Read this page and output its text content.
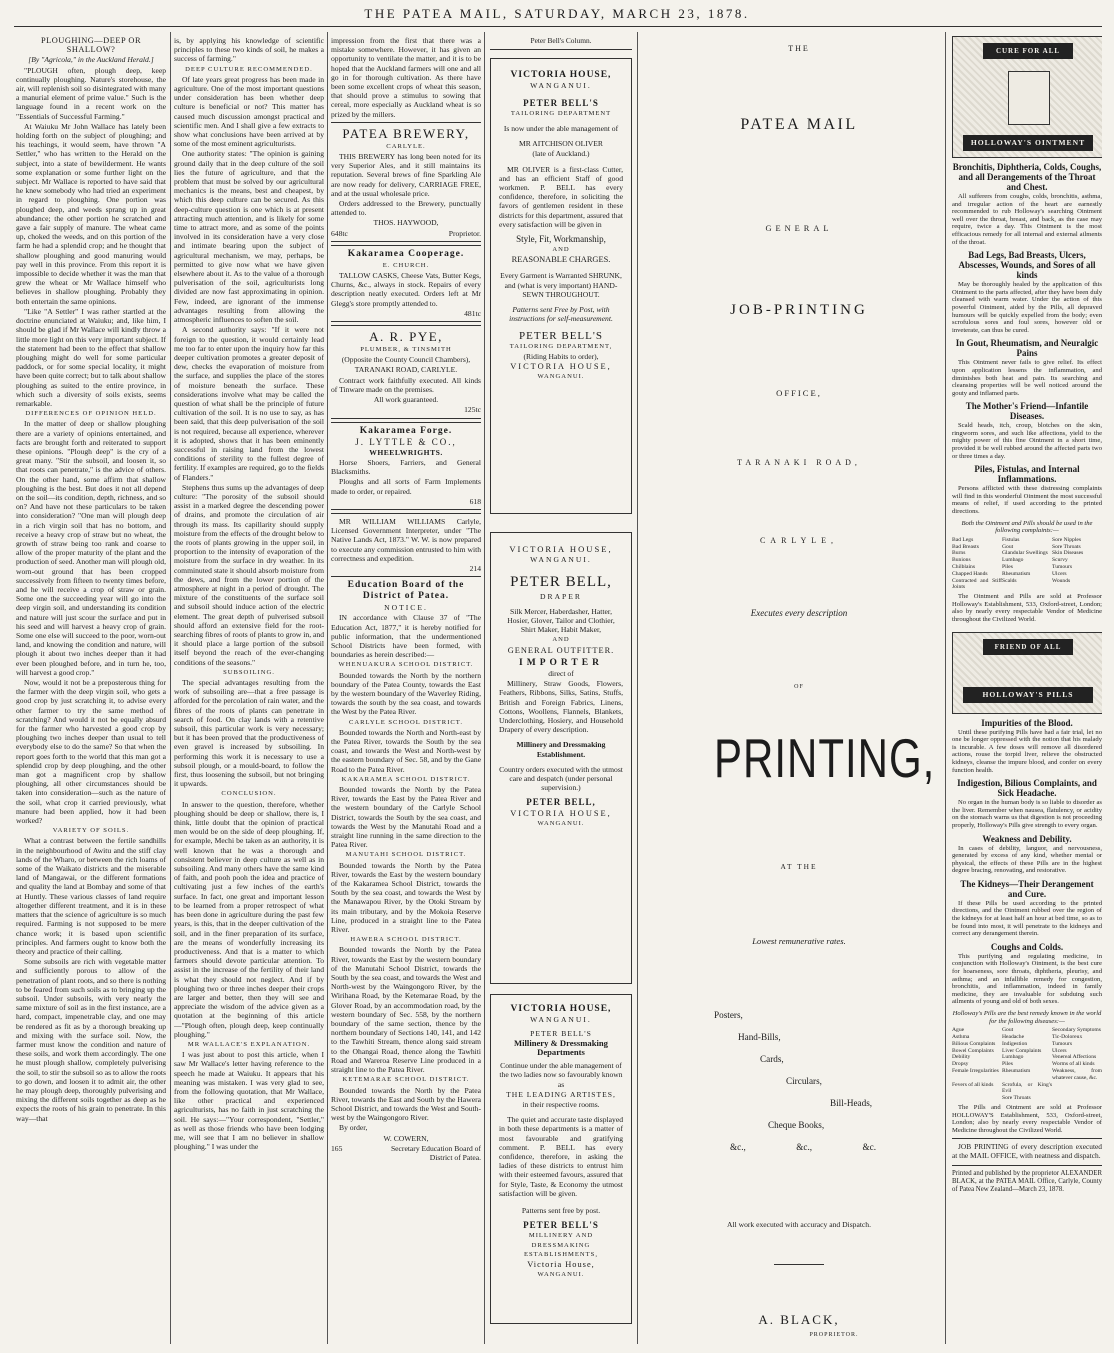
THE PATEA MAIL, SATURDAY, MARCH 23, 1878.

PLOUGHING—DEEP OR SHALLOW?

[By "Agricola," in the Auckland Herald.]

"PLOUGH often, plough deep, keep continually ploughing. Nature's storehouse, the air, will replenish soil so disintegrated with many a manurial element of prime value." Such is the language found in a recent work on the "Essentials of Successful Farming."

At Waiuku Mr John Wallace has lately been holding forth on the subject of ploughing; and his teachings, it would seem, have thrown "A Settler," who has written to the Herald on the subject, into a state of bewilderment. He wants some explanation or some further light on the subject. Mr Wallace is reported to have said that he knew somebody who had tried an experiment in regard to ploughing. One portion was ploughed deep, and weeds sprang up in great abundance; the other portion he scratched and gave a fair supply of manure. The wheat came up, choked the weeds, and on this portion of the farm he had a splendid crop; and he thought that shallow ploughing and good manuring would pay well in this province. From this report it is impossible to decide whether it was the man that grew the wheat or Mr Wallace himself who believes in shallow ploughing. Probably they both entertain the same opinions.

"Like "A Settler" I was rather startled at the doctrine enunciated at Waiuku; and, like him, I should be glad if Mr Wallace will kindly throw a little more light on this very important subject. If the statement had been to the effect that shallow ploughing might do well for some particular paddock, or for some special locality, it might have been quite correct; but to talk about shallow ploughing as suited to the entire province, in which such a diversity of soils exists, seems remarkable.

DIFFERENCES OF OPINION HELD.

In the matter of deep or shallow ploughing there are a variety of opinions entertained, and facts are brought forth and reiterated to support these opinions. "Plough deep" is the cry of a great many. "Stir the subsoil, and loosen it, so that roots can penetrate," is the advice of others. On the other hand, some affirm that shallow ploughing is the best. But does it not all depend on the soil—its condition, depth, richness, and so on? And have not these particulars to be taken into consideration? "One man will plough deep in a rich virgin soil that has no bottom, and receive a heavy crop of straw but no wheat, the growth of straw being too rank and coarse to allow of the proper maturity of the plant and the production of seed. Another man will plough old, worn-out ground that has been cropped successively from fifteen to twenty times before, and he will receive a crop of straw or grain. Some one the succeeding year will go into the deep virgin soil, and understanding its condition and nature will just scour the surface and put in his seed and will harvest a heavy crop of grain. Some one else will succeed to the poor, worn-out land, and knowing the condition and nature, will plough it about two inches deeper than it had ever been ploughed before, and in turn he, too, will harvest a good crop."

Now, would it not be a preposterous thing for the farmer with the deep virgin soil, who gets a good crop by just scratching it, to advise every other farmer to try the same method of scratching? And would it not be equally absurd for the farmer who harvested a good crop by ploughing two inches deeper than usual to tell everybody else to do the same? So that when the report goes forth to the world that this man got a splendid crop by deep ploughing, and the other man got a magnificent crop by shallow ploughing, all other circumstances should be taken into consideration—such as the nature of the soil, what crop it carried previously, what manure had been applied, how it had been worked?

VARIETY OF SOILS.

What a contrast between the fertile sandhills in the neighbourhood of Awitu and the stiff clay lands of the Wharo, or between the rich loams of some of the Waikato districts and the miserable land of Mangawai, or the different formations and quality the land at Bombay and some of that at Huntly. These various classes of land require altogether different treatment, and it is in these matters that the science of agriculture is so much required. Farming is not supposed to be mere chance work; it is based upon scientific principles. And farmers ought to know both the theory and practice of their calling.

Some subsoils are rich with vegetable matter and sufficiently porous to allow of the penetration of plant roots, and so there is nothing to be feared from such soils as to bringing up the subsoil. Under subsoils, with very nearly the same mixture of soil as in the first instance, are a hard, compact, impenetrable clay, and one may be rendered as fit as by a thorough breaking up and mixing with the surface soil. Now, the farmer must know the condition and nature of these soils, and work them accordingly. The one he must plough shallow, completely pulverising the soil, to stir the subsoil so as to allow the roots to go down, and loosen it to admit air, the other he may plough deep, thoroughly pulverising and mixing the different soils together as deep as he expects the roots of his grain to penetrate. In this way—that

is, by applying his knowledge of scientific principles to these two kinds of soil, he makes a success of farming."

DEEP CULTURE RECOMMENDED.

Of late years great progress has been made in agriculture. One of the most important questions under consideration has been whether deep culture is beneficial or not? This matter has caused much discussion amongst practical and scientific men. And I shall give a few extracts to show what conclusions have been arrived at by some of the most eminent agriculturists.

One authority states: "The opinion is gaining ground daily that in the deep culture of the soil lies the future of agriculture, and that the problem that must be solved by our agricultural mechanics is the means, best and cheapest, by which this deep culture can be secured. As this deep-culture question is one which is at present attracting much attention, and is likely for some time to attract more, and as some of the points involved in its consideration have a very close and intimate bearing upon the subject of agricultural mechanism, we may, perhaps, be permitted to give now what we have given elsewhere about it. As to the value of a thorough pulverisation of the soil, agriculturists long divided are now fast approximating in opinion. Few, indeed, are ignorant of the immense advantages resulting from allowing the atmospheric influences to soften the soil.

A second authority says: "If it were not foreign to the question, it would certainly lead me too far to enter upon the inquiry how far this deeper cultivation promotes a greater deposit of dew, checks the evaporation of moisture from the surface, and supplies the place of the stores of moisture beneath the surface. These considerations involve what may be called the question of what shall be the principle of future cultivation of the soil. It is no use to say, as has been said, that this deep pulverisation of the soil is not required, because all experience, wherever it is adopted, shows that it has been eminently successful in raising land from the lowest conditions of sterility to the fullest degree of fertility. If examples are required, go to the fields of Flanders."

Stephens thus sums up the advantages of deep culture: "The porosity of the subsoil should assist in a marked degree the descending power of drains, and promote the circulation of air through its mass. Its capillarity should supply moisture from the effects of the drought below to the roots of plants growing in the upper soil, in proportion to the intensity of evaporation of the moisture from the surface in dry weather. In its comminuted state it should absorb moisture from the dews, and from the lower portion of the atmosphere at night in a period of drought. The mixture of the constituents of the surface soil and subsoil should induce action of the electric element. The great depth of pulverised subsoil should afford an extensive field for the root-searching fibres of roots of plants to grow in, and it should place a large portion of the subsoil itself beyond the reach of the ever-changing conditions of the seasons."

SUBSOILING.

The special advantages resulting from the work of subsoiling are—that a free passage is afforded for the percolation of rain water, and the fibres of the roots of plants can penetrate in search of food. On clay lands with a retentive subsoil, this particular work is very necessary; but it has been proved that the productiveness of even gravel is increased by subsoiling. In performing this work it is necessary to use a subsoil plough, or a mould-board, to follow the first, thus loosening the subsoil, but not bringing it upwards.

CONCLUSION.

In answer to the question, therefore, whether ploughing should be deep or shallow, there is, I think, little doubt that the opinion of practical men would be on the side of deep ploughing. If, for example, Mechi be taken as an authority, it is well known that he was a thorough and consistent believer in deep culture as well as in subsoiling. And many others have the same kind of faith, and pooh pooh the idea and practice of cultivating just a few inches of the earth's surface. In fact, one great and important lesson to be learned from a proper retrospect of what has been done in agriculture during the past few years, is this, that in the deeper cultivation of the soil, and in the finer preparation of its surface, are the means of wonderfully increasing its productiveness. And that is a matter to which farmers should devote particular attention. To assist in the increase of the fertility of their land is what they should not neglect. And if by ploughing two or three inches deeper their crops are larger and better, then they will see and appreciate the wisdom of the advice given as a quotation at the beginning of this article—"Plough often, plough deep, keep continually ploughing."

MR WALLACE'S EXPLANATION.

I was just about to post this article, when I saw Mr Wallace's letter having reference to the speech he made at Waiuku. It appears that his meaning was mistaken. I was very glad to see, from the following quotation, that Mr Wallace, like other practical and experienced agriculturists, has no faith in just scratching the soil. He says:—"Your correspondent, "Settler," as well as those friends who have been lodging me, will see that I am no believer in shallow ploughing." I was under the

impression from the first that there was a mistake somewhere. However, it has given an opportunity to ventilate the matter, and it is to be hoped that the Auckland farmers will one and all go in for thorough cultivation. As there have been some excellent crops of wheat this season, that should prove a stimulus to sowing that cereal, more especially as Auckland wheat is so prized by the millers.

PATEA BREWERY,

CARLYLE.

THIS BREWERY has long been noted for its very Superior Ales, and it still maintains its reputation. Several brews of fine Sparkling Ale are now ready for delivery, CARRIAGE FREE, and at the usual wholesale price.

Orders addressed to the Brewery, punctually attended to.

THOS. HAYWOOD,

648tc	Proprietor.

Kakaramea Cooperage.

E. CHURCH.

TALLOW CASKS, Cheese Vats, Butter Kegs, Churns, &c., always in stock. Repairs of every description neatly executed. Orders left at Mr Glegg's store promptly attended to.

481tc

A. R. PYE,

PLUMBER, & TINSMITH

(Opposite the County Council Chambers),

TARANAKI ROAD, CARLYLE.

Contract work faithfully executed. All kinds of Tinware made on the premises.

All work guaranteed.

125tc

Kakaramea Forge.

J. LYTTLE & CO.,

WHEELWRIGHTS.

Horse Shoers, Farriers, and General Blacksmiths.

Ploughs and all sorts of Farm Implements made to order, or repaired.

618

MR WILLIAM WILLIAMS Carlyle, Licensed Government Interpreter, under "The Native Lands Act, 1873." W. W. is now prepared to execute any commission entrusted to him with correctness and expedition.

214

Education Board of the District of Patea.

NOTICE.

IN accordance with Clause 37 of "The Education Act, 1877," it is hereby notified for public information, that the undermentioned School Districts have been formed, with boundaries as herein described:—

WHENUAKURA SCHOOL DISTRICT.

Bounded towards the North by the northern boundary of the Patea County, towards the East by the western boundary of the Waverley Riding, towards the south by the sea coast, and towards the West by the Patea River.

CARLYLE SCHOOL DISTRICT.

Bounded towards the North and North-east by the Patea River, towards the South by the sea coast, and towards the West and North-west by the eastern boundary of Sec. 58, and by the Gane Road to the Patea River.

KAKARAMEA SCHOOL DISTRICT.

Bounded towards the North by the Patea River, towards the East by the Patea River and the western boundary of the Carlyle School District, towards the South by the sea coast, and towards the West by the Manutahi Road and a straight line running in the same direction to the Patea River.

MANUTAHI SCHOOL DISTRICT.

Bounded towards the North by the Patea River, towards the East by the western boundary of the Kakaramea School District, towards the South by the sea coast, and towards the West by the Manawapou River, by the Otoki Stream by its main tributary, and by the Mokoia Reserve Line, produced in a straight line to the Patea River.

HAWERA SCHOOL DISTRICT.

Bounded towards the North by the Patea River, towards the East by the western boundary of the Manutahi School District, towards the South by the sea coast, and towards the West and North-west by the Waingongoro River, by the Wirihana Road, by the Ketemarae Road, by the Glover Road, by an accommodation road, by the western boundary of Sec. 558, by the northern boundary of the same section, thence by the northern boundary of Sections 140, 141, and 142 to the Tawhiti Stream, thence along said stream to the Ohangai Road, thence along the Tawhiti Road and Wareroa Reserve Line produced in a straight line to the Patea River.

KETEMARAE SCHOOL DISTRICT.

Bounded towards the North by the Patea River, towards the East and South by the Hawera School District, and towards the West and South-west by the Waingongoro River.

By order,

W. COWERN,

165	Secretary Education Board of District of Patea.

Peter Bell's Column.

VICTORIA HOUSE,

WANGANUI.

PETER BELL'S

TAILORING DEPARTMENT

Is now under the able management of

MR AITCHISON OLIVER

(late of Auckland.)

MR OLIVER is a first-class Cutter, and has an efficient Staff of good workmen. P. BELL has every confidence, therefore, in soliciting the favors of gentlemen resident in these districts for this department, assured that every satisfaction will be given in

Style, Fit, Workmanship,

AND

REASONABLE CHARGES.

Every Garment is Warranted SHRUNK,

and (what is very important) HAND-SEWN THROUGHOUT.

Patterns sent Free by Post, with instructions for self-measurement.

PETER BELL'S

TAILORING DEPARTMENT,

(Riding Habits to order),

VICTORIA HOUSE,

WANGANUI.

VICTORIA HOUSE,

WANGANUI.

PETER BELL,

DRAPER

Silk Mercer, Haberdasher, Hatter, Hosier, Glover, Tailor and Clothier, Shirt Maker, Habit Maker,

AND

GENERAL OUTFITTER.

IMPORTER

direct of

Millinery, Straw Goods, Flowers, Feathers, Ribbons, Silks, Satins, Stuffs, British and Foreign Fabrics, Linens, Cottons, Woollens, Flannels, Blankets, Underclothing, Hosiery, and Household Drapery of every description.

Millinery and Dressmaking Establishment.

Country orders executed with the utmost care and despatch (under personal supervision.)

PETER BELL,

VICTORIA HOUSE,

WANGANUI.

VICTORIA HOUSE,

WANGANUI.

PETER BELL'S

Millinery & Dressmaking Departments

Continue under the able management of the two ladies now so favourably known as

THE LEADING ARTISTES,

in their respective rooms.

The quiet and accurate taste displayed in both these departments is a matter of most favourable and gratifying comment. P. BELL has every confidence, therefore, in asking the ladies of these districts to entrust him with their esteemed favours, assured that for Style, Taste, & Economy the utmost satisfaction will be given.

Patterns sent free by post.

PETER BELL'S

MILLINERY AND DRESSMAKING ESTABLISHMENTS,

Victoria House,

WANGANUI.

THE
PATEA MAIL
GENERAL
JOB-PRINTING
OFFICE,
TARANAKI ROAD,
CARLYLE,
Executes every description
OF
PRINTING,
AT THE
Lowest remunerative rates.
Posters,
Hand-Bills,
Cards,
Circulars,
Bill-Heads,
Cheque Books,
&c.,	&c.,	&c.
All work executed with accuracy and Dispatch.
A. BLACK,
PROPRIETOR.
CURE FOR ALL
HOLLOWAY'S OINTMENT
Bronchitis, Diphtheria, Colds, Coughs, and all Derangements of the Throat and Chest.

All sufferers from coughs, colds, bronchitis, asthma, and irregular action of the heart are earnestly recommended to rub Holloway's searching Ointment well over the throat, breast, and back, as the case may require, twice a day. This Ointment is the most efficacious remedy for all internal and external ailments of the throat.

Bad Legs, Bad Breasts, Ulcers, Abscesses, Wounds, and Sores of all kinds

May be thoroughly healed by the application of this Ointment to the parts affected, after they have been duly cleansed with warm water. Under the action of this powerful Ointment, aided by the Pills, all depraved humours will be quickly expelled from the body; even scrofulous sores and foul sores, however old or inveterate, can thus be cured.

In Gout, Rheumatism, and Neuralgic Pains

This Ointment never fails to give relief. Its effect upon application lessens the inflammation, and diminishes both heat and pain. Its searching and cleansing properties will be well noticed around the gouty and inflamed parts.

The Mother's Friend—Infantile Diseases.

Scald heads, itch, croup, blotches on the skin, ringworm sores, and such like affections, yield to the mighty power of this fine Ointment in a short time, provided it be well rubbed around the affected parts two or three times a day.

Piles, Fistulas, and Internal Inflammations.

Persons afflicted with these distressing complaints will find in this wonderful Ointment the most successful means of relief, if used according to the printed directions.

Both the Ointment and Pills should be used in the following complaints:—

Bad Legs	Fistulas	Sore Nipples
Bad Breasts	Gout	Sore Throats
Burns	Glandular Swellings Skin Diseases
Bunions	Lumbago	Scurvy
Chilblains	Piles	Tumours
Chapped Hands	Rheumatism	Ulcers
Contracted and Stiff Joints
Scalds	Wounds

The Ointment and Pills are sold at Professor Holloway's Establishment, 533, Oxford-street, London; also by nearly every respectable Vendor of Medicine throughout the Civilized World.

FRIEND OF ALL
HOLLOWAY'S PILLS
Impurities of the Blood.

Until these purifying Pills have had a fair trial, let no one be longer oppressed with the notion that his malady is incurable. A few doses will remove all disordered actions, rouse the torpid liver, relieve the obstructed kidneys, cleanse the impure blood, and confer on every function health.

Indigestion, Bilious Complaints, and Sick Headache.

No organ in the human body is so liable to disorder as the liver. Remember when nausea, flatulency, or acidity on the stomach warns us that digestion is not proceeding properly, Holloway's Pills give strength to every organ.

Weakness and Debility.

In cases of debility, languor, and nervousness, generated by excess of any kind, whether mental or physical, the effects of these Pills are in the highest degree bracing, renovating, and restorative.

The Kidneys—Their Derangement and Cure.

If these Pills be used according to the printed directions, and the Ointment rubbed over the region of the kidneys for at least half an hour at bed time, so as to be found into most, it will penetrate to the kidneys and correct any derangement therein.

Coughs and Colds.

This purifying and regulating medicine, in conjunction with Holloway's Ointment, is the best cure for hoarseness, sore throats, diphtheria, pleurisy, and asthma; and an infallible remedy for congestion, bronchitis, and inflammation, indeed in family medicine, they are invaluable for subduing such ailments of young and old of both sexes.

Holloway's Pills are the best remedy known in the world for the following diseases:—

Ague	Gout	Secondary Symptoms
Asthma	Headache	Tic-Doloreux
Bilious Complaints	Indigestion	Tumours
Bowel Complaints	Liver Complaints	Ulcers
Debility	Lumbago	Venereal Affections
Dropsy	Piles	Worms of all kinds
Female Irregularities Rheumatism	Weakness, from whatever cause, &c.
Fevers of all kinds	Scrofula, or King's Evil
Sore Throats

The Pills and Ointment are sold at Professor HOLLOWAY'S Establishment, 533, Oxford-street, London; also by nearly every respectable Vendor of Medicine throughout the Civilized World.

JOB PRINTING of every description executed at the MAIL OFFICE, with neatness and dispatch.

Printed and published by the proprietor ALEXANDER BLACK, at the PATEA MAIL Office, Carlyle, County of Patea New Zealand—March 23, 1878.
